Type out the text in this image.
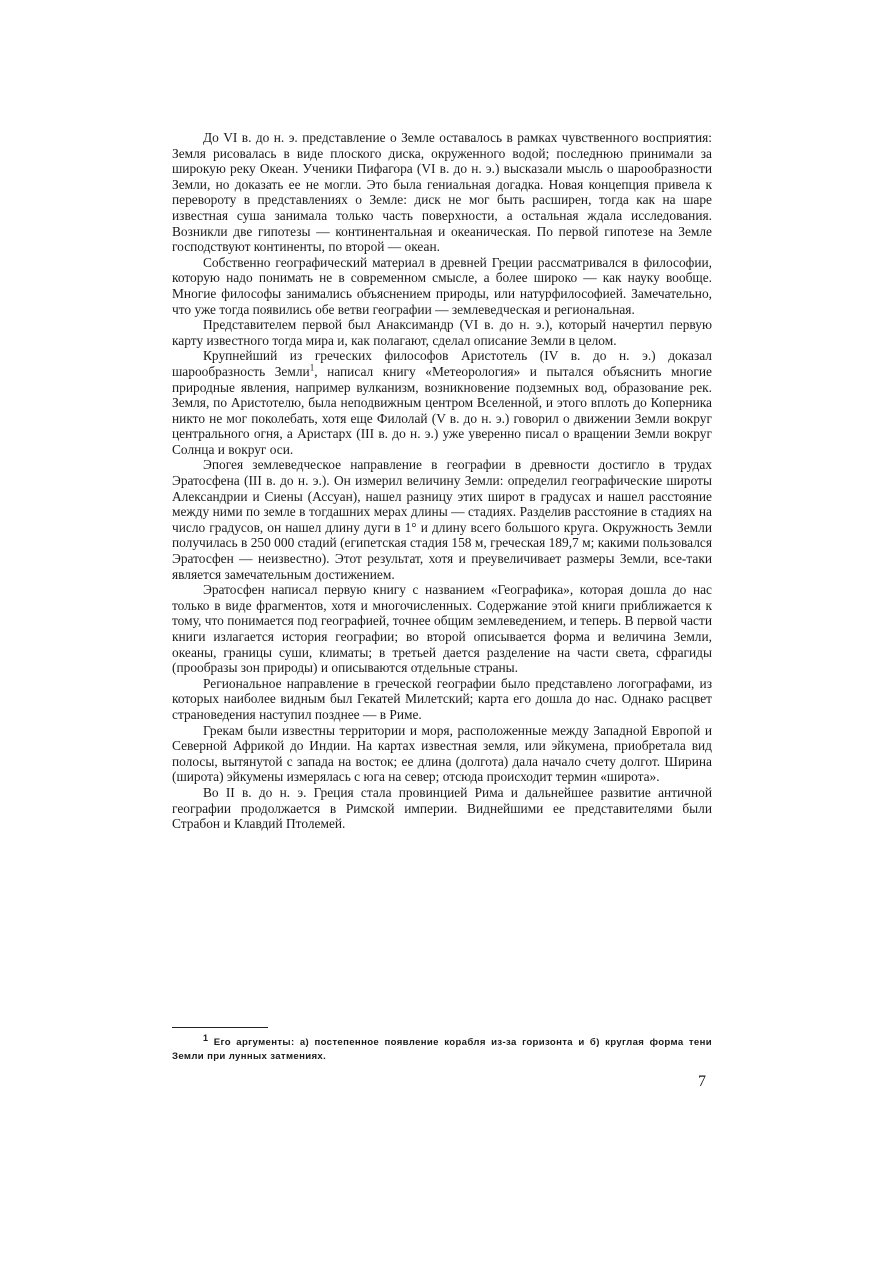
До VI в. до н. э. представление о Земле оставалось в рамках чувственного восприятия: Земля рисовалась в виде плоского диска, окруженного водой; последнюю принимали за широкую реку Океан. Ученики Пифагора (VI в. до н. э.) высказали мысль о шарообразности Земли, но доказать ее не могли. Это была гениальная догадка. Новая концепция привела к перевороту в представлениях о Земле: диск не мог быть расширен, тогда как на шаре известная суша занимала только часть поверхности, а остальная ждала исследования. Возникли две гипотезы — континентальная и океаническая. По первой гипотезе на Земле господствуют континенты, по второй — океан.

Собственно географический материал в древней Греции рассматривался в философии, которую надо понимать не в современном смысле, а более широко — как науку вообще. Многие философы занимались объяснением природы, или натурфилософией. Замечательно, что уже тогда появились обе ветви географии — землеведческая и региональная.

Представителем первой был Анаксимандр (VI в. до н. э.), который начертил первую карту известного тогда мира и, как полагают, сделал описание Земли в целом.

Крупнейший из греческих философов Аристотель (IV в. до н. э.) доказал шарообразность Земли$^1$, написал книгу «Метеорология» и пытался объяснить многие природные явления, например вулканизм, возникновение подземных вод, образование рек. Земля, по Аристотелю, была неподвижным центром Вселенной, и этого вплоть до Коперника никто не мог поколебать, хотя еще Филолай (V в. до н. э.) говорил о движении Земли вокруг центрального огня, а Аристарх (III в. до н. э.) уже уверенно писал о вращении Земли вокруг Солнца и вокруг оси.

Эпогея землеведческое направление в географии в древности достигло в трудах Эратосфена (III в. до н. э.). Он измерил величину Земли: определил географические широты Александрии и Сиены (Ассуан), нашел разницу этих широт в градусах и нашел расстояние между ними по земле в тогдашних мерах длины — стадиях. Разделив расстояние в стадиях на число градусов, он нашел длину дуги в 1° и длину всего большого круга. Окружность Земли получилась в 250 000 стадий (египетская стадия 158 м, греческая 189,7 м; какими пользовался Эратосфен — неизвестно). Этот результат, хотя и преувеличивает размеры Земли, все-таки является замечательным достижением.

Эратосфен написал первую книгу с названием «Географика», которая дошла до нас только в виде фрагментов, хотя и многочисленных. Содержание этой книги приближается к тому, что понимается под географией, точнее общим землеведением, и теперь. В первой части книги излагается история географии; во второй описывается форма и величина Земли, океаны, границы суши, климаты; в третьей дается разделение на части света, сфрагиды (прообразы зон природы) и описываются отдельные страны.

Региональное направление в греческой географии было представлено логографами, из которых наиболее видным был Гекатей Милетский; карта его дошла до нас. Однако расцвет страноведения наступил позднее — в Риме.

Грекам были известны территории и моря, расположенные между Западной Европой и Северной Африкой до Индии. На картах известная земля, или эйкумена, приобретала вид полосы, вытянутой с запада на восток; ее длина (долгота) дала начало счету долгот. Ширина (широта) эйкумены измерялась с юга на север; отсюда происходит термин «широта».

Во II в. до н. э. Греция стала провинцией Рима и дальнейшее развитие античной географии продолжается в Римской империи. Виднейшими ее представителями были Страбон и Клавдий Птолемей.

$^1$ Его аргументы: а) постепенное появление корабля из-за горизонта и б) круглая форма тени Земли при лунных затмениях.
7
